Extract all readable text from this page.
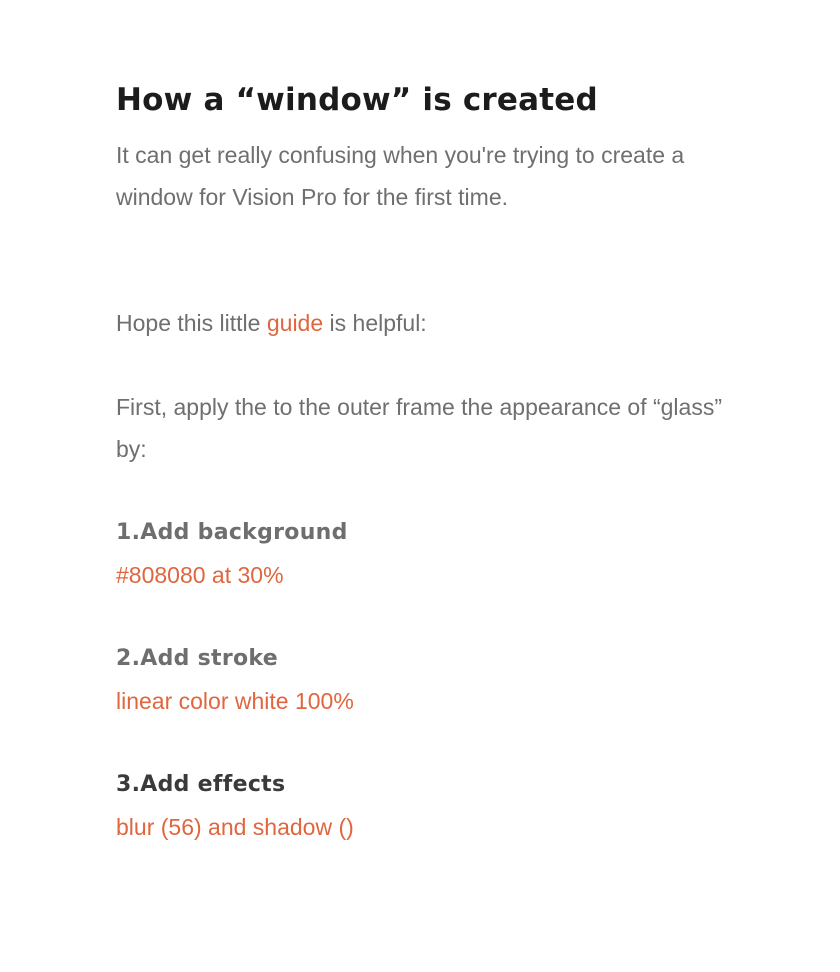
How a “window” is created

It can get really confusing when you're trying to create a window for Vision Pro for the first time.

Hope this little guide is helpful:

First, apply the to the outer frame the appearance of “glass” by:

1.Add background

#808080 at 30%

2.Add stroke

linear color white 100%

3.Add effects

blur (56) and shadow ()
